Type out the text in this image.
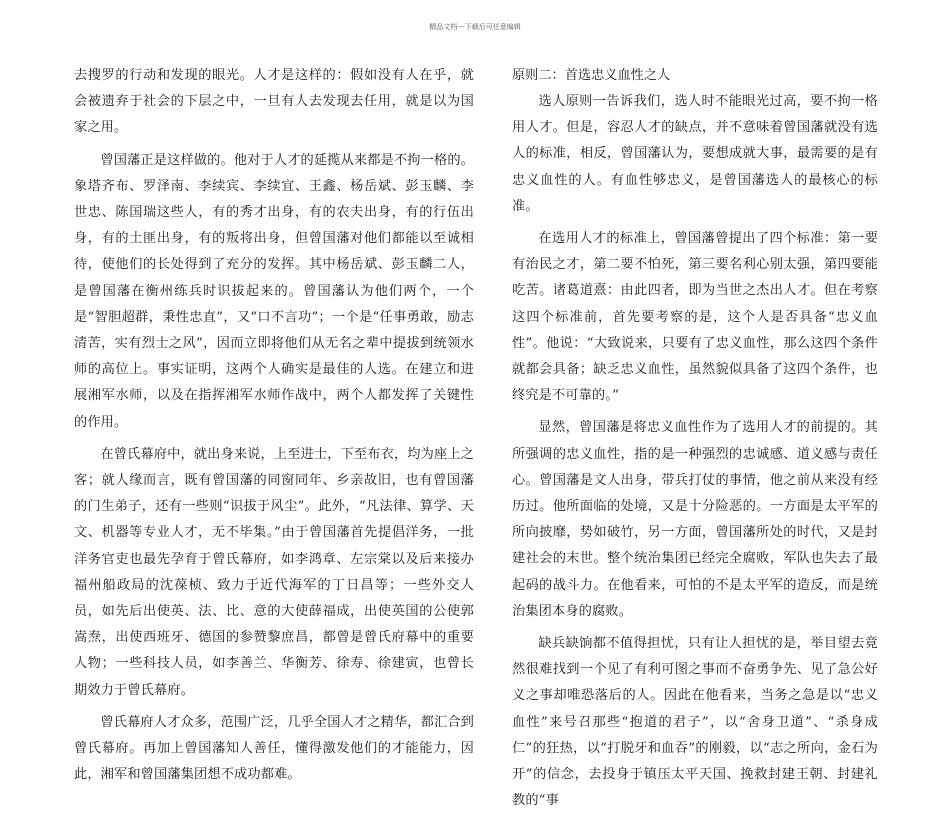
精品文档---下载后可任意编辑

去搜罗的行动和发现的眼光。人才是这样的：假如没有人在乎，就会被遗弃于社会的下层之中，一旦有人去发现去任用，就是以为国家之用。

曾国藩正是这样做的。他对于人才的延揽从来都是不拘一格的。象塔齐布、罗泽南、李续宾、李续宜、王鑫、杨岳斌、彭玉麟、李世忠、陈国瑞这些人，有的秀才出身，有的农夫出身，有的行伍出身，有的土匪出身，有的叛将出身，但曾国藩对他们都能以至诚相待，使他们的长处得到了充分的发挥。其中杨岳斌、彭玉麟二人，是曾国藩在衡州练兵时识拔起来的。曾国藩认为他们两个，一个是“智胆超群，秉性忠直”，又“口不言功”；一个是“任事勇敢，励志清苦，实有烈士之风”，因而立即将他们从无名之辈中提拔到统领水师的高位上。事实证明，这两个人确实是最佳的人选。在建立和进展湘军水师，以及在指挥湘军水师作战中，两个人都发挥了关键性的作用。

在曾氏幕府中，就出身来说，上至进士，下至布衣，均为座上之客；就人缘而言，既有曾国藩的同窗同年、乡亲故旧，也有曾国藩的门生弟子，还有一些则“识拔于风尘”。此外，“凡法律、算学、天文、机器等专业人才，无不毕集。”由于曾国藩首先提倡洋务，一批洋务官吏也最先孕育于曾氏幕府，如李鸿章、左宗棠以及后来接办福州船政局的沈葆桢、致力于近代海军的丁日昌等；一些外交人员，如先后出使英、法、比、意的大使薛福成，出使英国的公使郭嵩焘，出使西班牙、德国的参赞黎庶昌，都曾是曾氏府幕中的重要人物；一些科技人员，如李善兰、华衡芳、徐寿、徐建寅，也曾长期效力于曾氏幕府。

曾氏幕府人才众多，范围广泛，几乎全国人才之精华，都汇合到曾氏幕府。再加上曾国藩知人善任，懂得激发他们的才能能力，因此，湘军和曾国藩集团想不成功都难。

原则二：首选忠义血性之人

选人原则一告诉我们，选人时不能眼光过高，要不拘一格用人才。但是，容忍人才的缺点，并不意味着曾国藩就没有选人的标准，相反，曾国藩认为，要想成就大事，最需要的是有忠义血性的人。有血性够忠义，是曾国藩选人的最核心的标准。

在选用人才的标准上，曾国藩曾提出了四个标准：第一要有治民之才，第二要不怕死，第三要名利心别太强，第四要能吃苦。诸葛道熹：由此四者，即为当世之杰出人才。但在考察这四个标准前，首先要考察的是，这个人是否具备“忠义血性”。他说：“大致说来，只要有了忠义血性，那么这四个条件就都会具备；缺乏忠义血性，虽然貌似具备了这四个条件，也终究是不可靠的。”

显然，曾国藩是将忠义血性作为了选用人才的前提的。其所强调的忠义血性，指的是一种强烈的忠诚感、道义感与责任心。曾国藩是文人出身，带兵打仗的事情，他之前从来没有经历过。他所面临的处境，又是十分险恶的。一方面是太平军的所向披靡，势如破竹，另一方面，曾国藩所处的时代，又是封建社会的末世。整个统治集团已经完全腐败，军队也失去了最起码的战斗力。在他看来，可怕的不是太平军的造反，而是统治集团本身的腐败。

缺兵缺饷都不值得担忧，只有让人担忧的是，举目望去竟然很难找到一个见了有利可图之事而不奋勇争先、见了急公好义之事却唯恐落后的人。因此在他看来，当务之急是以“忠义血性”来号召那些“抱道的君子”，以“舍身卫道”、“杀身成仁”的狂热，以“打脱牙和血吞”的刚毅，以“志之所向，金石为开”的信念，去投身于镇压太平天国、挽救封建王朝、封建礼教的“事
